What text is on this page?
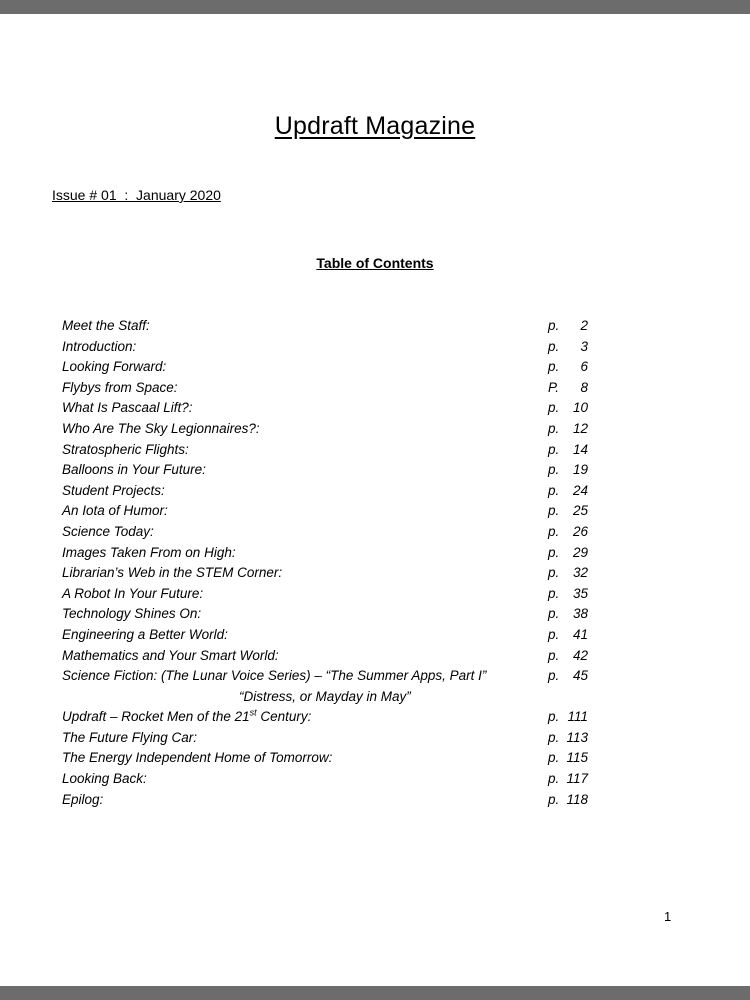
Updraft Magazine
Issue # 01  :  January 2020
Table of Contents
Meet the Staff:	p. 2
Introduction:	p. 3
Looking Forward:	p. 6
Flybys from Space:	P. 8
What Is Pascaal Lift?:	p. 10
Who Are The Sky Legionnaires?:	p. 12
Stratospheric Flights:	p. 14
Balloons in Your Future:	p. 19
Student Projects:	p. 24
An Iota of Humor:	p. 25
Science Today:	p. 26
Images Taken From on High:	p. 29
Librarian’s Web in the STEM Corner:	p. 32
A Robot In Your Future:	p. 35
Technology Shines On:	p. 38
Engineering a Better World:	p. 41
Mathematics and Your Smart World:	p. 42
Science Fiction: (The Lunar Voice Series) – “The Summer Apps, Part I”	p. 45
“Distress, or Mayday in May”
Updraft – Rocket Men of the 21st Century:	p. 111
The Future Flying Car:	p. 113
The Energy Independent Home of Tomorrow:	p. 115
Looking Back:	p. 117
Epilog:	p. 118
1
